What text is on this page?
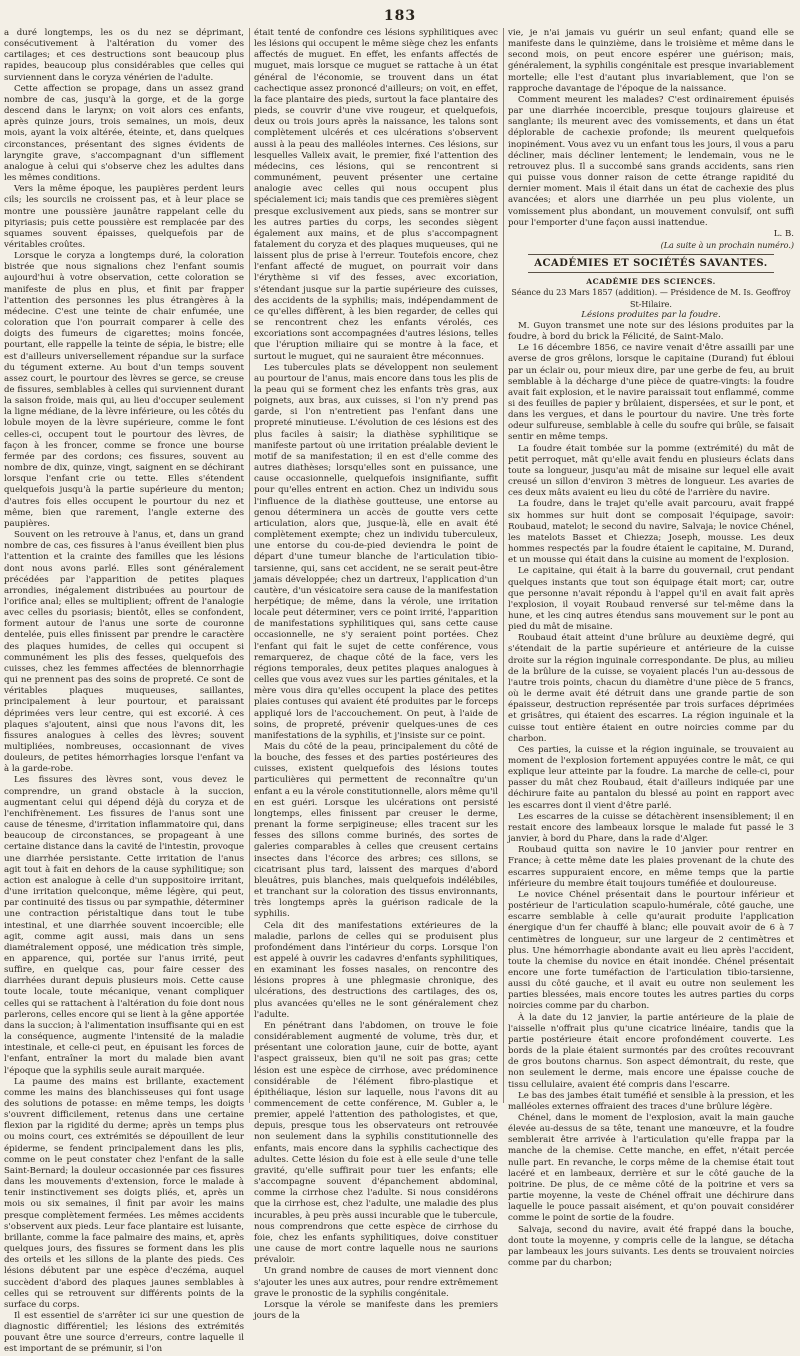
183

a duré longtemps, les os du nez se déprimant, consécutivement à l'altération du vomer des cartilages; et ces destructions sont beaucoup plus rapides, beaucoup plus considérables que celles qui surviennent dans le coryza vénérien de l'adulte.

Cette affection se propage, dans un assez grand nombre de cas, jusqu'à la gorge, et de la gorge descend dans le larynx; on voit alors ces enfants, après quinze jours, trois semaines, un mois, deux mois, ayant la voix altérée, éteinte, et, dans quelques circonstances, présentant des signes évidents de laryngite grave, s'accompagnant d'un sifflement analogue à celui qui s'observe chez les adultes dans les mêmes conditions.

Vers la même époque, les paupières perdent leurs cils; les sourcils ne croissent pas, et à leur place se montre une poussière jaunâtre rappelant celle du pityriasis; puis cette poussière est remplacée par des squames souvent épaisses, quelquefois par de véritables croûtes.

Lorsque le coryza a longtemps duré, la coloration bistrée que nous signalions chez l'enfant soumis aujourd'hui à votre observation, cette coloration se manifeste de plus en plus, et finit par frapper l'attention des personnes les plus étrangères à la médecine. C'est une teinte de chair enfumée, une coloration que l'on pourrait comparer à celle des doigts des fumeurs de cigarettes; moins foncée, pourtant, elle rappelle la teinte de sépia, le bistre; elle est d'ailleurs universellement répandue sur la surface du tégument externe. Au bout d'un temps souvent assez court, le pourtour des lèvres se gerce, se creuse de fissures, semblables à celles qui surviennent durant la saison froide, mais qui, au lieu d'occuper seulement la ligne médiane, de la lèvre inférieure, ou les côtés du lobule moyen de la lèvre supérieure, comme le font celles-ci, occupent tout le pourtour des lèvres, de façon à les froncer, comme se fronce une bourse fermée par des cordons; ces fissures, souvent au nombre de dix, quinze, vingt, saignent en se déchirant lorsque l'enfant crie ou tette. Elles s'étendent quelquefois jusqu'à la partie supérieure du menton; d'autres fois elles occupent le pourtour du nez et même, bien que rarement, l'angle externe des paupières.

Souvent on les retrouve à l'anus, et, dans un grand nombre de cas, ces fissures à l'anus éveillent bien plus l'attention et la crainte des familles que les lésions dont nous avons parlé. Elles sont généralement précédées par l'apparition de petites plaques arrondies, inégalement distribuées au pourtour de l'orifice anal; elles se multiplient; offrent de l'analogie avec celles du psoriasis; bientôt, elles se confondent, forment autour de l'anus une sorte de couronne dentelée, puis elles finissent par prendre le caractère des plaques humides, de celles qui occupent si communément les plis des fesses, quelquefois des cuisses, chez les femmes affectées de blennorrhagie qui ne prennent pas des soins de propreté. Ce sont de véritables plaques muqueuses, saillantes, principalement à leur pourtour, et paraissant déprimées vers leur centre, qui est excorié. À ces plaques s'ajoutent, ainsi que nous l'avons dit, les fissures analogues à celles des lèvres; souvent multipliées, nombreuses, occasionnant de vives douleurs, de petites hémorrhagies lorsque l'enfant va à la garde-robe.

Les fissures des lèvres sont, vous devez le comprendre, un grand obstacle à la succion, augmentant celui qui dépend déjà du coryza et de l'enchifrènement. Les fissures de l'anus sont une cause de ténesme, d'irritation inflammatoire qui, dans beaucoup de circonstances, se propageant à une certaine distance dans la cavité de l'intestin, provoque une diarrhée persistante. Cette irritation de l'anus agit tout à fait en dehors de la cause syphilitique; son action est analogue à celle d'un suppositoire irritant, d'une irritation quelconque, même légère, qui peut, par continuité des tissus ou par sympathie, déterminer une contraction péristaltique dans tout le tube intestinal, et une diarrhée souvent incoercible; elle agit, comme agit aussi, mais dans un sens diamétralement opposé, une médication très simple, en apparence, qui, portée sur l'anus irrité, peut suffire, en quelque cas, pour faire cesser des diarrhées durant depuis plusieurs mois. Cette cause toute locale, toute mécanique, venant compliquer celles qui se rattachent à l'altération du foie dont nous parlerons, celles encore qui se lient à la gêne apportée dans la succion; à l'alimentation insuffisante qui en est la conséquence, augmente l'intensité de la maladie intestinale, et celle-ci peut, en épuisant les forces de l'enfant, entraîner la mort du malade bien avant l'époque que la syphilis seule aurait marquée.

La paume des mains est brillante, exactement comme les mains des blanchisseuses qui font usage des solutions de potasse: en même temps, les doigts s'ouvrent difficilement, retenus dans une certaine flexion par la rigidité du derme; après un temps plus ou moins court, ces extrémités se dépouillent de leur épiderme, se fendent principalement dans les plis, comme on le peut constater chez l'enfant de la salle Saint-Bernard; la douleur occasionnée par ces fissures dans les mouvements d'extension, force le malade à tenir instinctivement ses doigts pliés, et, après un mois ou six semaines, il finit par avoir les mains presque complètement fermées. Les mêmes accidents s'observent aux pieds. Leur face plantaire est luisante, brillante, comme la face palmaire des mains, et, après quelques jours, des fissures se forment dans les plis des orteils et les sillons de la plante des pieds. Ces lésions débutent par une espèce d'eczéma, auquel succèdent d'abord des plaques jaunes semblables à celles qui se retrouvent sur différents points de la surface du corps.

Il est essentiel de s'arrêter ici sur une question de diagnostic différentiel; les lésions des extrémités pouvant être une source d'erreurs, contre laquelle il est important de se prémunir, si l'on

était tenté de confondre ces lésions syphilitiques avec les lésions qui occupent le même siège chez les enfants affectés de muguet. En effet, les enfants affectés de muguet, mais lorsque ce muguet se rattache à un état général de l'économie, se trouvent dans un état cachectique assez prononcé d'ailleurs; on voit, en effet, la face plantaire des pieds, surtout la face plantaire des pieds, se couvrir d'une vive rougeur, et quelquefois, deux ou trois jours après la naissance, les talons sont complètement ulcérés et ces ulcérations s'observent aussi à la peau des malléoles internes. Ces lésions, sur lesquelles Valleix avait, le premier, fixé l'attention des médecins, ces lésions, qui se rencontrent si communément, peuvent présenter une certaine analogie avec celles qui nous occupent plus spécialement ici; mais tandis que ces premières siègent presque exclusivement aux pieds, sans se montrer sur les autres parties du corps, les secondes siègent également aux mains, et de plus s'accompagnent fatalement du coryza et des plaques muqueuses, qui ne laissent plus de prise à l'erreur. Toutefois encore, chez l'enfant affecté de muguet, on pourrait voir dans l'érythème si vif des fesses, avec excoriation, s'étendant jusque sur la partie supérieure des cuisses, des accidents de la syphilis; mais, indépendamment de ce qu'elles diffèrent, à les bien regarder, de celles qui se rencontrent chez les enfants vérolés, ces excoriations sont accompagnées d'autres lésions, telles que l'éruption miliaire qui se montre à la face, et surtout le muguet, qui ne sauraient être méconnues.

Les tubercules plats se développent non seulement au pourtour de l'anus, mais encore dans tous les plis de la peau qui se forment chez les enfants très gras, aux poignets, aux bras, aux cuisses, si l'on n'y prend pas garde, si l'on n'entretient pas l'enfant dans une propreté minutieuse. L'évolution de ces lésions est des plus faciles à saisir; la diathèse syphilitique se manifeste partout où une irritation préalable devient le motif de sa manifestation; il en est d'elle comme des autres diathèses; lorsqu'elles sont en puissance, une cause occasionnelle, quelquefois insignifiante, suffit pour qu'elles entrent en action. Chez un individu sous l'influence de la diathèse goutteuse, une entorse au genou déterminera un accès de goutte vers cette articulation, alors que, jusque-là, elle en avait été complètement exempte; chez un individu tuberculeux, une entorse du cou-de-pied deviendra le point de départ d'une tumeur blanche de l'articulation tibio-tarsienne, qui, sans cet accident, ne se serait peut-être jamais développée; chez un dartreux, l'application d'un cautère, d'un vésicatoire sera cause de la manifestation herpétique; de même, dans la vérole, une irritation locale peut déterminer, vers ce point irrité, l'apparition de manifestations syphilitiques qui, sans cette cause occasionnelle, ne s'y seraient point portées. Chez l'enfant qui fait le sujet de cette conférence, vous remarquerez, de chaque côté de la face, vers les régions temporales, deux petites plaques analogues à celles que vous avez vues sur les parties génitales, et la mère vous dira qu'elles occupent la place des petites plaies contuses qui avaient été produites par le forceps appliqué lors de l'accouchement. On peut, à l'aide de soins, de propreté, prévenir quelques-unes de ces manifestations de la syphilis, et j'insiste sur ce point.

Mais du côté de la peau, principalement du côté de la bouche, des fesses et des parties postérieures des cuisses, existent quelquefois des lésions toutes particulières qui permettent de reconnaître qu'un enfant a eu la vérole constitutionnelle, alors même qu'il en est guéri. Lorsque les ulcérations ont persisté longtemps, elles finissent par creuser le derme, prenant la forme serpigineuse; elles tracent sur les fesses des sillons comme burinés, des sortes de galeries comparables à celles que creusent certains insectes dans l'écorce des arbres; ces sillons, se cicatrisant plus tard, laissent des marques d'abord bleuâtres, puis blanches, mais quelquefois indélébiles, et tranchant sur la coloration des tissus environnants, très longtemps après la guérison radicale de la syphilis.

Cela dit des manifestations extérieures de la maladie, parlons de celles qui se produisent plus profondément dans l'intérieur du corps. Lorsque l'on est appelé à ouvrir les cadavres d'enfants syphilitiques, en examinant les fosses nasales, on rencontre des lésions propres à une phlegmasie chronique, des ulcérations, des destructions des cartilages, des os, plus avancées qu'elles ne le sont généralement chez l'adulte.

En pénétrant dans l'abdomen, on trouve le foie considérablement augmenté de volume, très dur, et présentant une coloration jaune, cuir de botte, ayant l'aspect graisseux, bien qu'il ne soit pas gras; cette lésion est une espèce de cirrhose, avec prédominence considérable de l'élément fibro-plastique et épithéliaque, lésion sur laquelle, nous l'avons dit au commencement de cette conférence, M. Gubler a, le premier, appelé l'attention des pathologistes, et que, depuis, presque tous les observateurs ont retrouvée non seulement dans la syphilis constitutionnelle des enfants, mais encore dans la syphilis cachectique des adultes. Cette lésion du foie est à elle seule d'une telle gravité, qu'elle suffirait pour tuer les enfants; elle s'accompagne souvent d'épanchement abdominal, comme la cirrhose chez l'adulte. Si nous considérons que la cirrhose est, chez l'adulte, une maladie des plus incurables, à peu près aussi incurable que le tubercule, nous comprendrons que cette espèce de cirrhose du foie, chez les enfants syphilitiques, doive constituer une cause de mort contre laquelle nous ne saurions prévaloir.

Un grand nombre de causes de mort viennent donc s'ajouter les unes aux autres, pour rendre extrêmement grave le pronostic de la syphilis congénitale.

Lorsque la vérole se manifeste dans les premiers jours de la

vie, je n'ai jamais vu guérir un seul enfant; quand elle se manifeste dans le quinzième, dans le troisième et même dans le second mois, on peut encore espérer une guérison; mais, généralement, la syphilis congénitale est presque invariablement mortelle; elle l'est d'autant plus invariablement, que l'on se rapproche davantage de l'époque de la naissance.

Comment meurent les malades? C'est ordinairement épuisés par une diarrhée incoercible, presque toujours glaireuse et sanglante; ils meurent avec des vomissements, et dans un état déplorable de cachexie profonde; ils meurent quelquefois inopinément. Vous avez vu un enfant tous les jours, il vous a paru décliner, mais décliner lentement; le lendemain, vous ne le retrouvez plus. Il a succombé sans grands accidents, sans rien qui puisse vous donner raison de cette étrange rapidité du dernier moment. Mais il était dans un état de cachexie des plus avancées; et alors une diarrhée un peu plus violente, un vomissement plus abondant, un mouvement convulsif, ont suffi pour l'emporter d'une façon aussi inattendue.

L. B.

(La suite à un prochain numéro.)

ACADÉMIES ET SOCIÉTÉS SAVANTES.

ACADÉMIE DES SCIENCES.

Séance du 23 Mars 1857 (addition). — Présidence de M. Is. Geoffroy St-Hilaire.

Lésions produites par la foudre.

M. Guyon transmet une note sur des lésions produites par la foudre, à bord du brick la Félicité, de Saint-Malo.

Le 16 décembre 1856, ce navire venait d'être assailli par une averse de gros grêlons, lorsque le capitaine (Durand) fut ébloui par un éclair ou, pour mieux dire, par une gerbe de feu, au bruit semblable à la décharge d'une pièce de quatre-vingts: la foudre avait fait explosion, et le navire paraissait tout enflammé, comme si des feuilles de papier y brûlaient, dispersées, et sur le pont, et dans les vergues, et dans le pourtour du navire. Une très forte odeur sulfureuse, semblable à celle du soufre qui brûle, se faisait sentir en même temps.

La foudre était tombée sur la pomme (extrémité) du mât de petit perroquet, mât qu'elle avait fendu en plusieurs éclats dans toute sa longueur, jusqu'au mât de misaine sur lequel elle avait creusé un sillon d'environ 3 mètres de longueur. Les avaries de ces deux mâts avaient eu lieu du côté de l'arrière du navire.

La foudre, dans le trajet qu'elle avait parcouru, avait frappé six hommes sur huit dont se composait l'équipage, savoir: Roubaud, matelot; le second du navire, Salvaja; le novice Chénel, les matelots Basset et Chiezza; Joseph, mousse. Les deux hommes respectés par la foudre étaient le capitaine, M. Durand, et un mousse qui était dans la cuisine au moment de l'explosion.

Le capitaine, qui était à la barre du gouvernail, crut pendant quelques instants que tout son équipage était mort; car, outre que personne n'avait répondu à l'appel qu'il en avait fait après l'explosion, il voyait Roubaud renversé sur tel-même dans la hune, et les cinq autres étendus sans mouvement sur le pont au pied du mât de misaine.

Roubaud était atteint d'une brûlure au deuxième degré, qui s'étendait de la partie supérieure et antérieure de la cuisse droite sur la région inguinale correspondante. De plus, au milieu de la brûlure de la cuisse, se voyaient placés l'un au-dessous de l'autre trois points, chacun du diamètre d'une pièce de 5 francs, où le derme avait été détruit dans une grande partie de son épaisseur, destruction représentée par trois surfaces déprimées et grisâtres, qui étaient des escarres. La région inguinale et la cuisse tout entière étaient en outre noircies comme par du charbon.

Ces parties, la cuisse et la région inguinale, se trouvaient au moment de l'explosion fortement appuyées contre le mât, ce qui explique leur atteinte par la foudre. La marche de celle-ci, pour passer du mât chez Roubaud, était d'ailleurs indiquée par une déchirure faite au pantalon du blessé au point en rapport avec les escarres dont il vient d'être parlé.

Les escarres de la cuisse se détachèrent insensiblement; il en restait encore des lambeaux lorsque le malade fut passé le 3 janvier, à bord du Phare, dans la rade d'Alger.

Roubaud quitta son navire le 10 janvier pour rentrer en France; à cette même date les plaies provenant de la chute des escarres suppuraient encore, en même temps que la partie inférieure du membre était toujours tuméfiée et douloureuse.

Le novice Chénel présentait dans le pourtour inférieur et postérieur de l'articulation scapulo-humérale, côté gauche, une escarre semblable à celle qu'aurait produite l'application énergique d'un fer chauffé à blanc; elle pouvait avoir de 6 à 7 centimètres de longueur, sur une largeur de 2 centimètres et plus. Une hémorrhagie abondante avait eu lieu après l'accident, toute la chemise du novice en était inondée. Chénel présentait encore une forte tuméfaction de l'articulation tibio-tarsienne, aussi du côté gauche, et il avait eu outre non seulement les parties blessées, mais encore toutes les autres parties du corps noircies comme par du charbon.

À la date du 12 janvier, la partie antérieure de la plaie de l'aisselle n'offrait plus qu'une cicatrice linéaire, tandis que la partie postérieure était encore profondément couverte. Les bords de la plaie étaient surmontés par des croûtes recouvrant de gros boutons charnus. Son aspect démontrait, du reste, que non seulement le derme, mais encore une épaisse couche de tissu cellulaire, avaient été compris dans l'escarre.

Le bas des jambes était tuméfié et sensible à la pression, et les malléoles externes offraient des traces d'une brûlure légère.

Chénel, dans le moment de l'explosion, avait la main gauche élevée au-dessus de sa tête, tenant une manœuvre, et la foudre semblerait être arrivée à l'articulation qu'elle frappa par la manche de la chemise. Cette manche, en effet, n'était percée nulle part. En revanche, le corps même de la chemise était tout lacéré et en lambeaux, derrière et sur le côté gauche de la poitrine. De plus, de ce même côté de la poitrine et vers sa partie moyenne, la veste de Chénel offrait une déchirure dans laquelle le pouce passait aisément, et qu'on pouvait considérer comme le point de sortie de la foudre.

Salvaja, second du navire, avait été frappé dans la bouche, dont toute la moyenne, y compris celle de la langue, se détacha par lambeaux les jours suivants. Les dents se trouvaient noircies comme par du charbon;
